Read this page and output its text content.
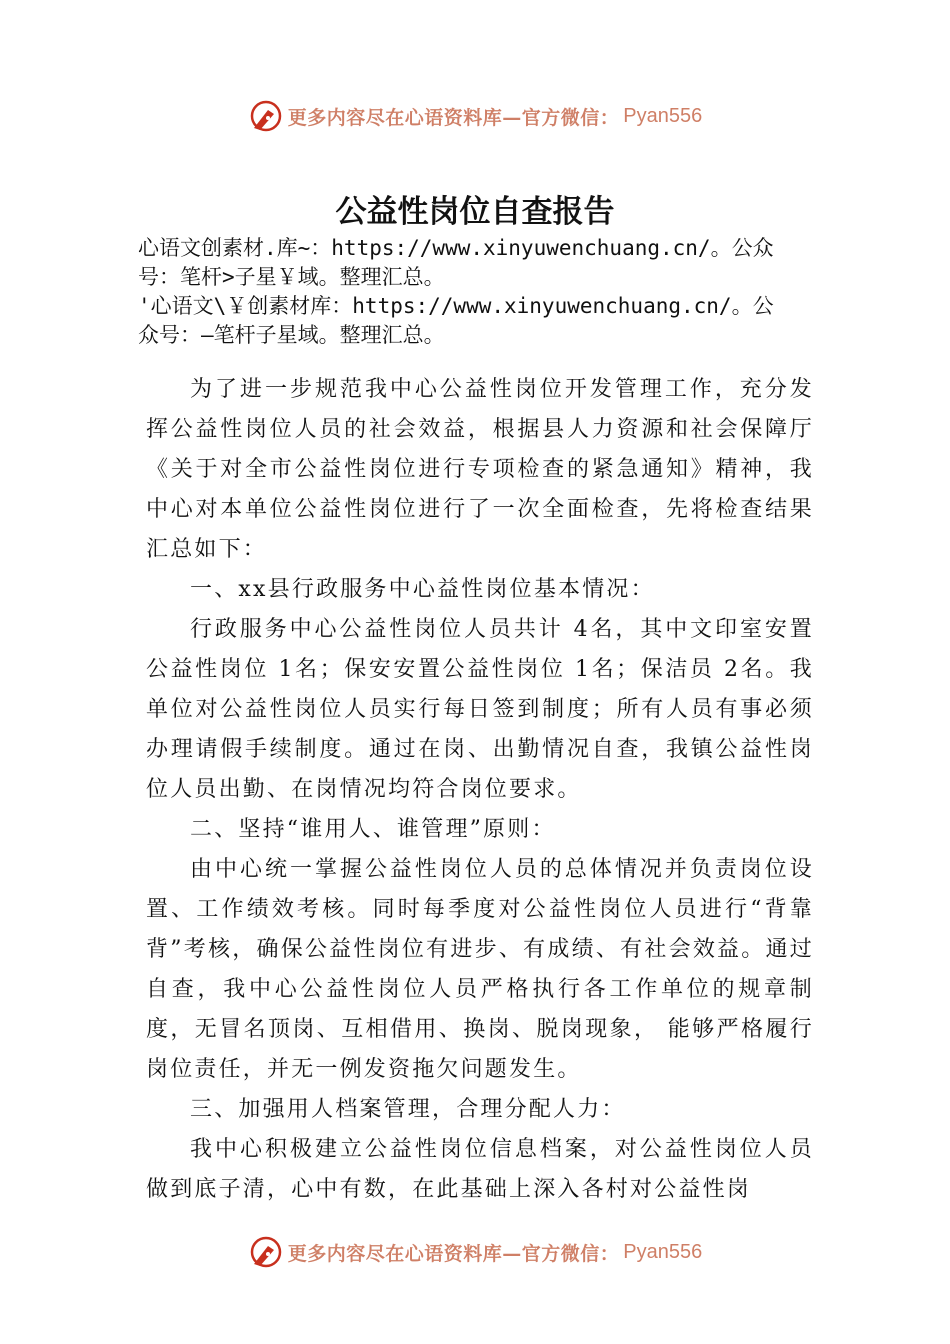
更多内容尽在心语资料库—官方微信： Pyan556
公益性岗位自查报告
心语文创素材.库~：https://www.xinyuwenchuang.cn/。公众
号：笔杆>子星￥域。整理汇总。
'心语文\￥创素材库：https://www.xinyuwenchuang.cn/。公
众号：—笔杆子星域。整理汇总。

为了进一步规范我中心公益性岗位开发管理工作，充分发挥公益性岗位人员的社会效益，根据县人力资源和社会保障厅《关于对全市公益性岗位进行专项检查的紧急通知》精神，我中心对本单位公益性岗位进行了一次全面检查，先将检查结果汇总如下：

一、xx县行政服务中心益性岗位基本情况：

行政服务中心公益性岗位人员共计 4名，其中文印室安置公益性岗位 1名；保安安置公益性岗位 1名；保洁员 2名。我单位对公益性岗位人员实行每日签到制度；所有人员有事必须办理请假手续制度。通过在岗、出勤情况自查，我镇公益性岗位人员出勤、在岗情况均符合岗位要求。

二、坚持“谁用人、谁管理”原则：

由中心统一掌握公益性岗位人员的总体情况并负责岗位设置、工作绩效考核。同时每季度对公益性岗位人员进行“背靠背”考核，确保公益性岗位有进步、有成绩、有社会效益。通过自查，我中心公益性岗位人员严格执行各工作单位的规章制度，无冒名顶岗、互相借用、换岗、脱岗现象， 能够严格履行岗位责任，并无一例发资拖欠问题发生。

三、加强用人档案管理，合理分配人力：

我中心积极建立公益性岗位信息档案，对公益性岗位人员做到底子清，心中有数，在此基础上深入各村对公益性岗

更多内容尽在心语资料库—官方微信： Pyan556
